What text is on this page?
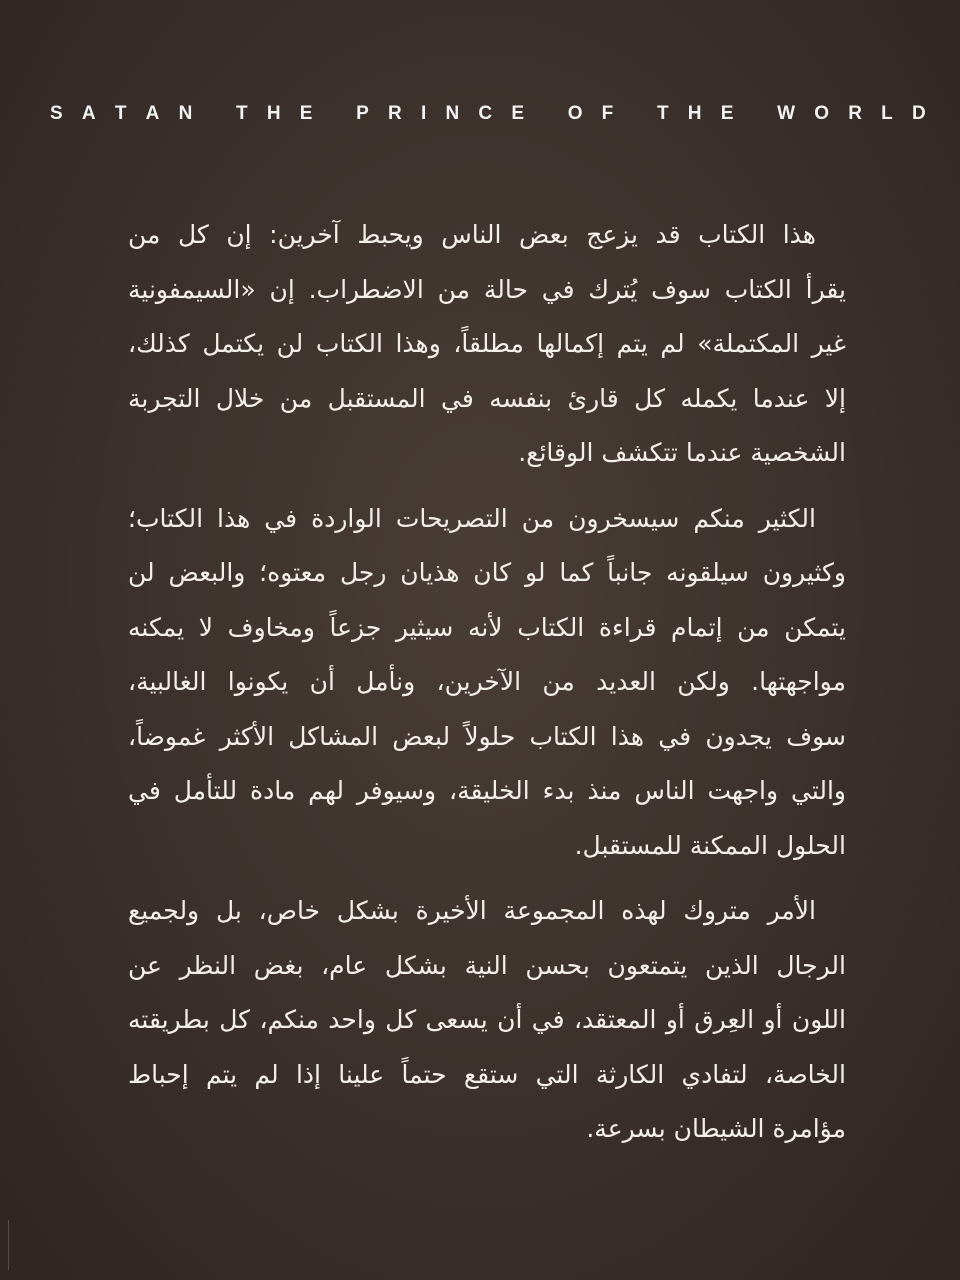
S A T A N
T H E
P R I N C E
O F
T H E
W O R L D
هذا الكتاب قد يزعج بعض الناس ويحبط آخرين: إن كل من
يقرأ الكتاب سوف يُترك في حالة من الاضطراب. إن «السيمفونية
غير المكتملة» لم يتم إكمالها مطلقاً، وهذا الكتاب لن يكتمل كذلك،
إلا عندما يكمله كل قارئ بنفسه في المستقبل من خلال التجربة
الشخصية عندما تتكشف الوقائع.
الكثير منكم سيسخرون من التصريحات الواردة في هذا الكتاب؛
وكثيرون سيلقونه جانباً كما لو كان هذيان رجل معتوه؛ والبعض لن
يتمكن من إتمام قراءة الكتاب لأنه سيثير جزعاً ومخاوف لا يمكنه
مواجهتها. ولكن العديد من الآخرين، ونأمل أن يكونوا الغالبية،
سوف يجدون في هذا الكتاب حلولاً لبعض المشاكل الأكثر غموضاً،
والتي واجهت الناس منذ بدء الخليقة، وسيوفر لهم مادة للتأمل في
الحلول الممكنة للمستقبل.
الأمر متروك لهذه المجموعة الأخيرة بشكل خاص، بل ولجميع
الرجال الذين يتمتعون بحسن النية بشكل عام، بغض النظر عن
اللون أو العِرق أو المعتقد، في أن يسعى كل واحد منكم، كل بطريقته
الخاصة، لتفادي الكارثة التي ستقع حتماً علينا إذا لم يتم إحباط
مؤامرة الشيطان بسرعة.
